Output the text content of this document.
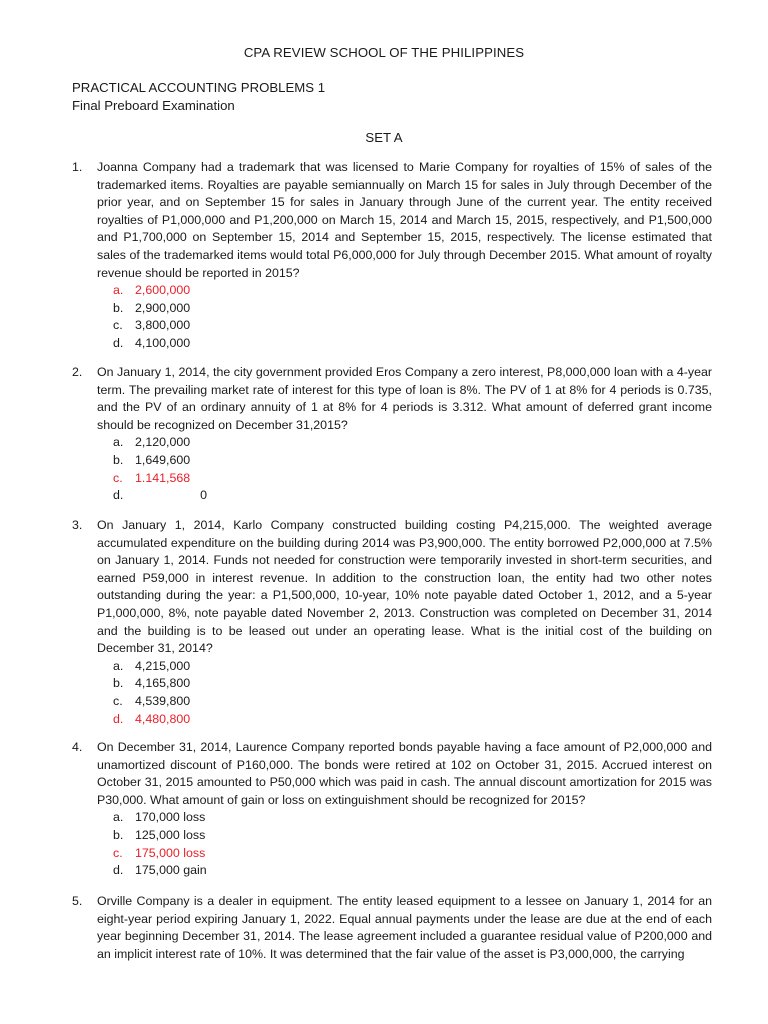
CPA REVIEW SCHOOL OF THE PHILIPPINES
PRACTICAL ACCOUNTING PROBLEMS 1
Final Preboard Examination
SET A
1.	Joanna Company had a trademark that was licensed to Marie Company for royalties of 15% of sales of the trademarked items. Royalties are payable semiannually on March 15 for sales in July through December of the prior year, and on September 15 for sales in January through June of the current year. The entity received royalties of P1,000,000 and P1,200,000 on March 15, 2014 and March 15, 2015, respectively, and P1,500,000 and P1,700,000 on September 15, 2014 and September 15, 2015, respectively. The license estimated that sales of the trademarked items would total P6,000,000 for July through December 2015. What amount of royalty revenue should be reported in 2015?
a. 2,600,000
b. 2,900,000
c. 3,800,000
d. 4,100,000
2.	On January 1, 2014, the city government provided Eros Company a zero interest, P8,000,000 loan with a 4-year term. The prevailing market rate of interest for this type of loan is 8%. The PV of 1 at 8% for 4 periods is 0.735, and the PV of an ordinary annuity of 1 at 8% for 4 periods is 3.312. What amount of deferred grant income should be recognized on December 31,2015?
a. 2,120,000
b. 1,649,600
c. 1.141,568
d.	0
3.	On January 1, 2014, Karlo Company constructed building costing P4,215,000. The weighted average accumulated expenditure on the building during 2014 was P3,900,000. The entity borrowed P2,000,000 at 7.5% on January 1, 2014. Funds not needed for construction were temporarily invested in short-term securities, and earned P59,000 in interest revenue. In addition to the construction loan, the entity had two other notes outstanding during the year: a P1,500,000, 10-year, 10% note payable dated October 1, 2012, and a 5-year P1,000,000, 8%, note payable dated November 2, 2013. Construction was completed on December 31, 2014 and the building is to be leased out under an operating lease. What is the initial cost of the building on December 31, 2014?
a. 4,215,000
b. 4,165,800
c. 4,539,800
d. 4,480,800
4.	On December 31, 2014, Laurence Company reported bonds payable having a face amount of P2,000,000 and unamortized discount of P160,000. The bonds were retired at 102 on October 31, 2015. Accrued interest on October 31, 2015 amounted to P50,000 which was paid in cash. The annual discount amortization for 2015 was P30,000. What amount of gain or loss on extinguishment should be recognized for 2015?
a. 170,000 loss
b. 125,000 loss
c. 175,000 loss
d. 175,000 gain
5.	Orville Company is a dealer in equipment. The entity leased equipment to a lessee on January 1, 2014 for an eight-year period expiring January 1, 2022. Equal annual payments under the lease are due at the end of each year beginning December 31, 2014. The lease agreement included a guarantee residual value of P200,000 and an implicit interest rate of 10%. It was determined that the fair value of the asset is P3,000,000, the carrying
